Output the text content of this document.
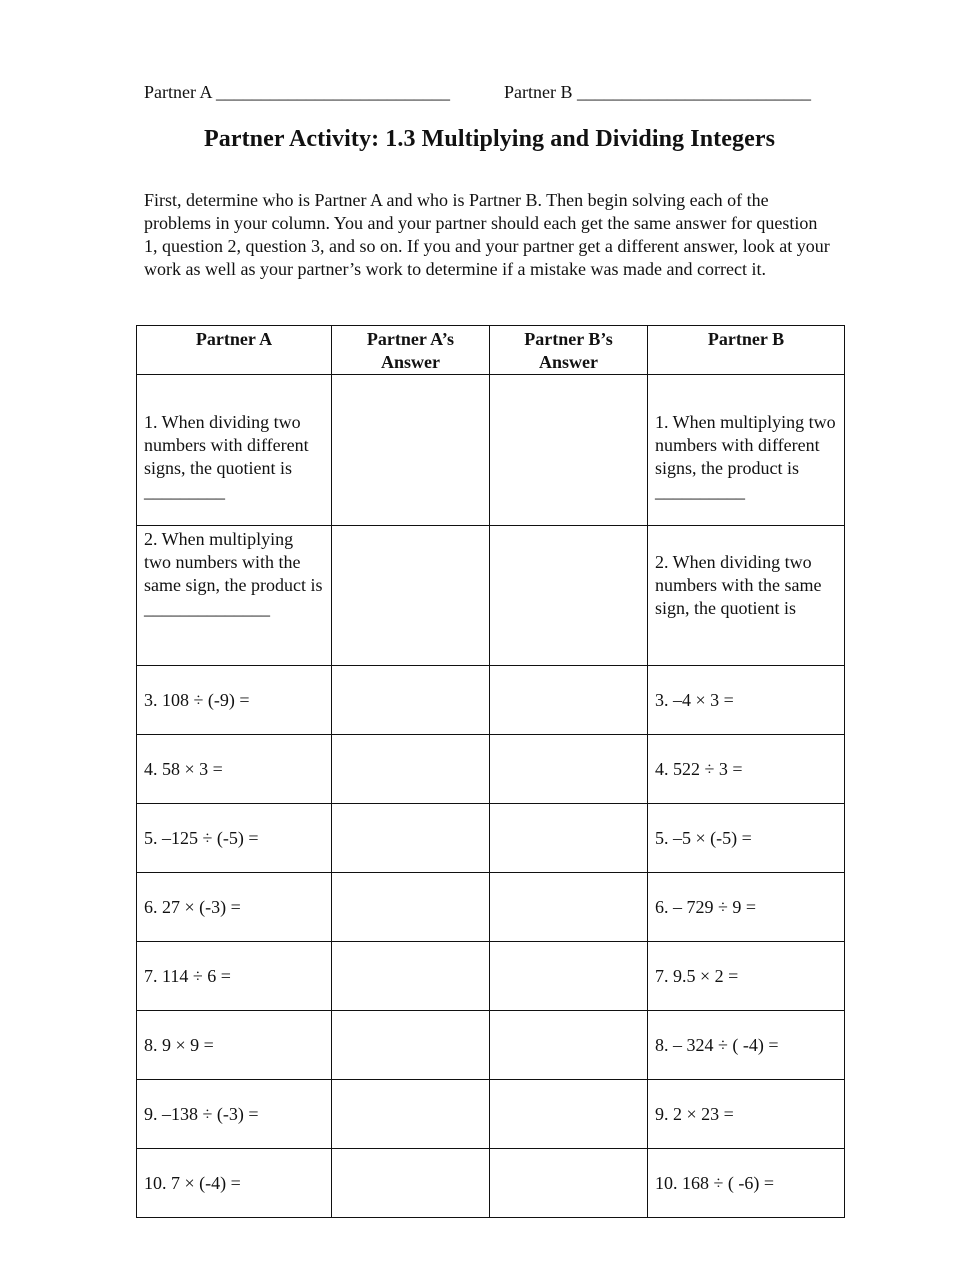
Partner A __________________________	Partner B __________________________
Partner Activity: 1.3 Multiplying and Dividing Integers

First, determine who is Partner A and who is Partner B. Then begin solving each of the problems in your column. You and your partner should each get the same answer for question 1, question 2, question 3, and so on. If you and your partner get a different answer, look at your work as well as your partner’s work to determine if a mistake was made and correct it.

Partner A	Partner A’s Answer	Partner B’s Answer	Partner B
1. When dividing two numbers with different signs, the quotient is _________			1. When multiplying two numbers with different signs, the product is __________
2. When multiplying two numbers with the same sign, the product is ______________			2. When dividing two numbers with the same sign, the quotient is
3. 108 ÷ (-9) =			3. –4 × 3 =
4. 58 × 3 =			4. 522 ÷ 3 =
5. –125 ÷ (-5) =			5. –5 × (-5) =
6. 27 × (-3) =			6. – 729 ÷ 9 =
7. 114 ÷ 6 =			7. 9.5 × 2 =
8. 9 × 9 =			8. – 324 ÷ ( -4) =
9. –138 ÷ (-3) =			9. 2 × 23 =
10. 7 × (-4) =			10. 168 ÷ ( -6) =
